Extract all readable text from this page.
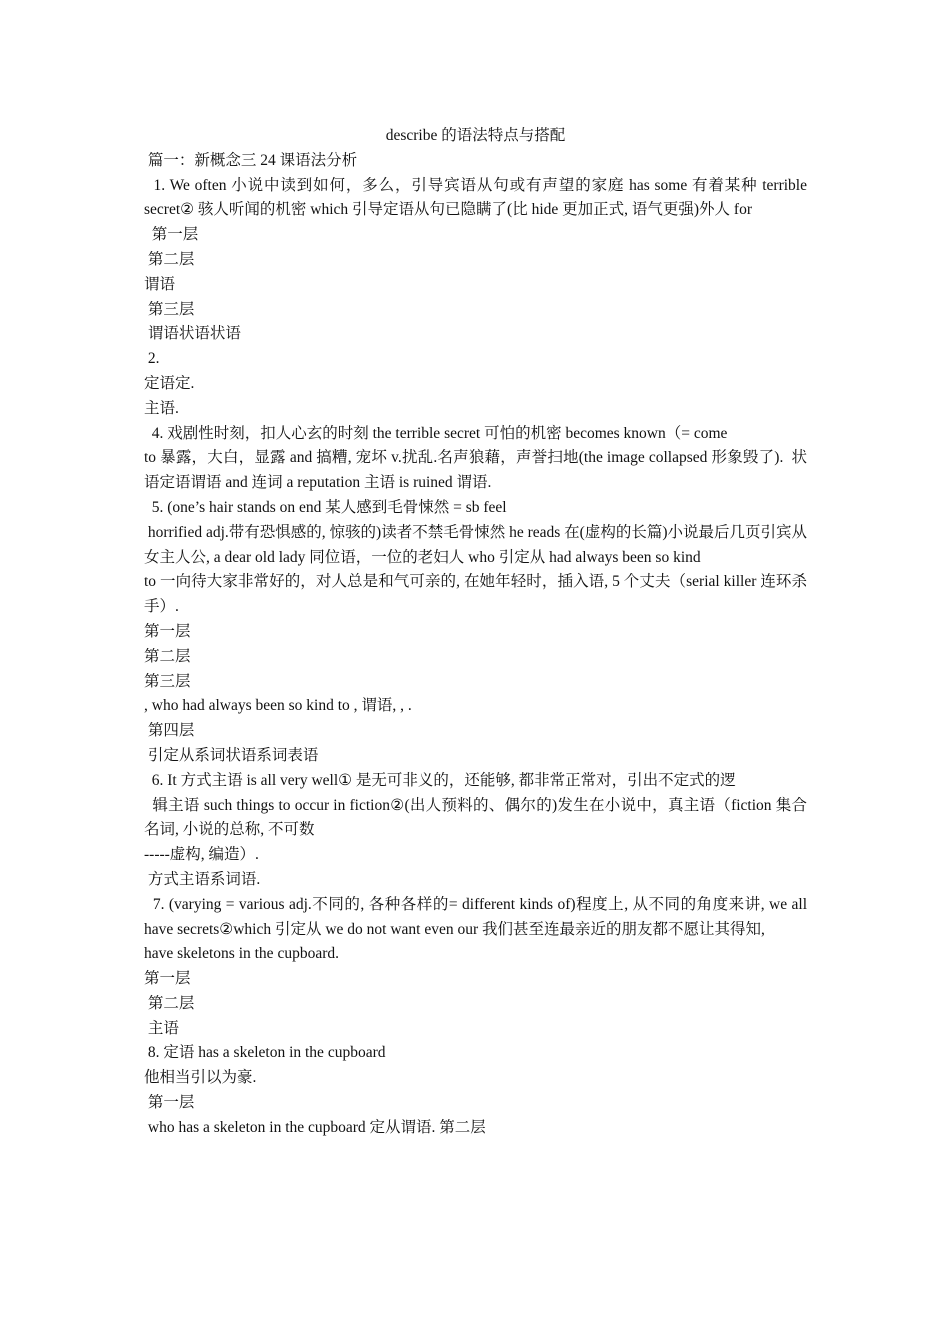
describe 的语法特点与搭配

篇一：新概念三 24 课语法分析

1. We often 小说中读到如何，多么，引导宾语从句或有声望的家庭 has some 有着某种 terrible secret② 骇人听闻的机密 which 引导定语从句已隐瞒了(比 hide 更加正式, 语气更强)外人 for

第一层

第二层

谓语

第三层

谓语状语状语

2.

定语定.

主语.

4. 戏剧性时刻，扣人心玄的时刻 the terrible secret 可怕的机密 becomes known（= come

to 暴露，大白，显露 and 搞糟, 宠坏 v.扰乱.名声狼藉，声誉扫地(the image collapsed 形象毁了).  状语定语谓语 and 连词 a reputation 主语 is ruined 谓语.

5. (one’s hair stands on end 某人感到毛骨悚然 = sb feel

horrified adj.带有恐惧感的, 惊骇的)读者不禁毛骨悚然 he reads 在(虚构的长篇)小说最后几页引宾从女主人公, a dear old lady 同位语，一位的老妇人 who 引定从 had always been so kind

to 一向待大家非常好的，对人总是和气可亲的, 在她年轻时，插入语, 5 个丈夫（serial killer 连环杀手）.

第一层

第二层

第三层

, who had always been so kind to , 谓语, , .

第四层

引定从系词状语系词表语

6. It 方式主语 is all very well① 是无可非义的，还能够, 都非常正常对，引出不定式的逻

辑主语 such things to occur in fiction②(出人预料的、偶尔的)发生在小说中，真主语（fiction 集合名词, 小说的总称, 不可数

-----虚构, 编造）.

方式主语系词语.

7. (varying = various adj.不同的, 各种各样的= different kinds of)程度上, 从不同的角度来讲, we all have secrets②which 引定从 we do not want even our 我们甚至连最亲近的朋友都不愿让其得知,

have skeletons in the cupboard.

第一层

第二层

主语

8. 定语 has a skeleton in the cupboard

他相当引以为豪.

第一层

who has a skeleton in the cupboard 定从谓语. 第二层
